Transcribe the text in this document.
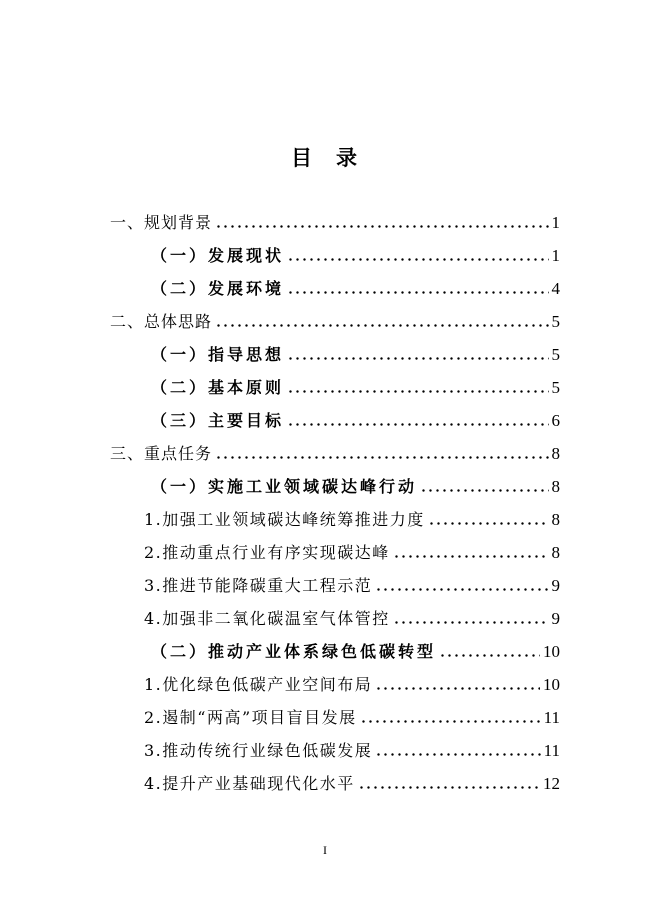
目 录
一、规划背景	1
（一）发展现状	1
（二）发展环境	4
二、总体思路	5
（一）指导思想	5
（二）基本原则	5
（三）主要目标	6
三、重点任务	8
（一）实施工业领域碳达峰行动	8
1.加强工业领域碳达峰统筹推进力度	8
2.推动重点行业有序实现碳达峰	8
3.推进节能降碳重大工程示范	9
4.加强非二氧化碳温室气体管控	9
（二）推动产业体系绿色低碳转型	10
1.优化绿色低碳产业空间布局	10
2.遏制“两高”项目盲目发展	11
3.推动传统行业绿色低碳发展	11
4.提升产业基础现代化水平	12
I
